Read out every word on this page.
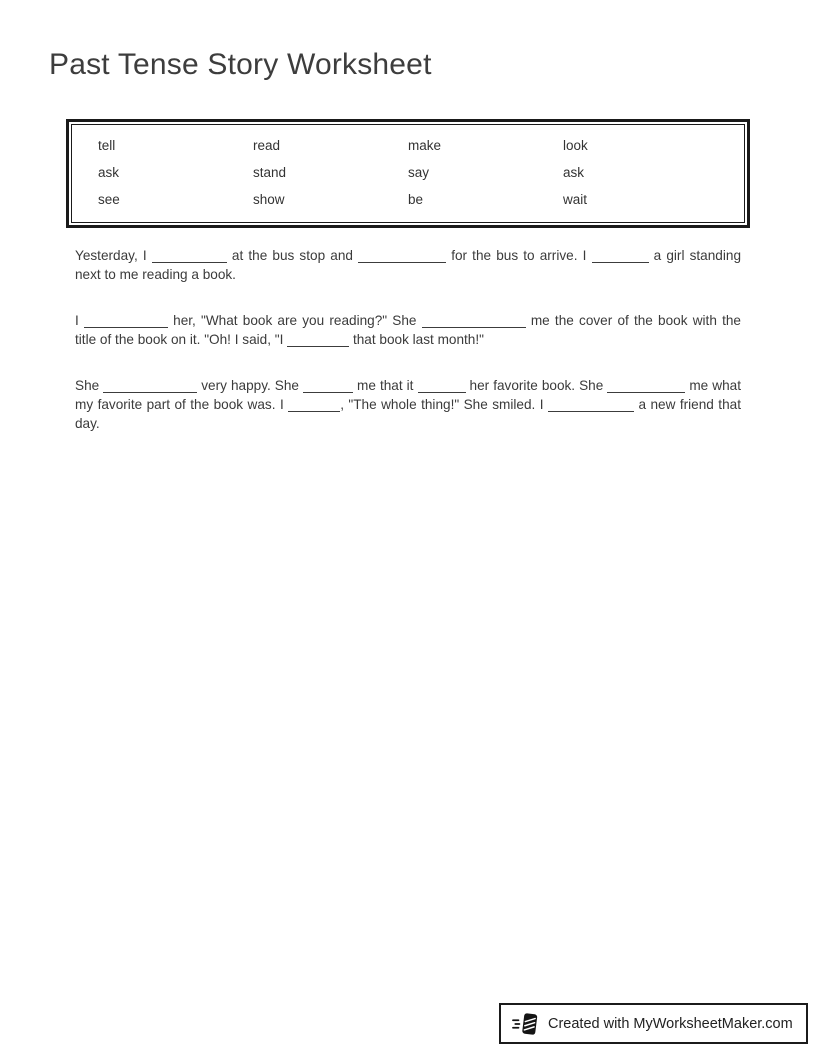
Past Tense Story Worksheet
tell	read	make	look
ask	stand	say	ask
see	show	be	wait

Yesterday, I	at the bus stop and	for the bus to arrive. I	a girl standing next to me reading a book.

I	her, "What book are you reading?" She	me the cover of the book with the title of the book on it. "Oh! I said, "I	that book last month!"

She	very happy. She	me that it	her favorite book. She	me what my favorite part of the book was. I	, "The whole thing!" She smiled. I	a new friend that day.

Created with MyWorksheetMaker.com
